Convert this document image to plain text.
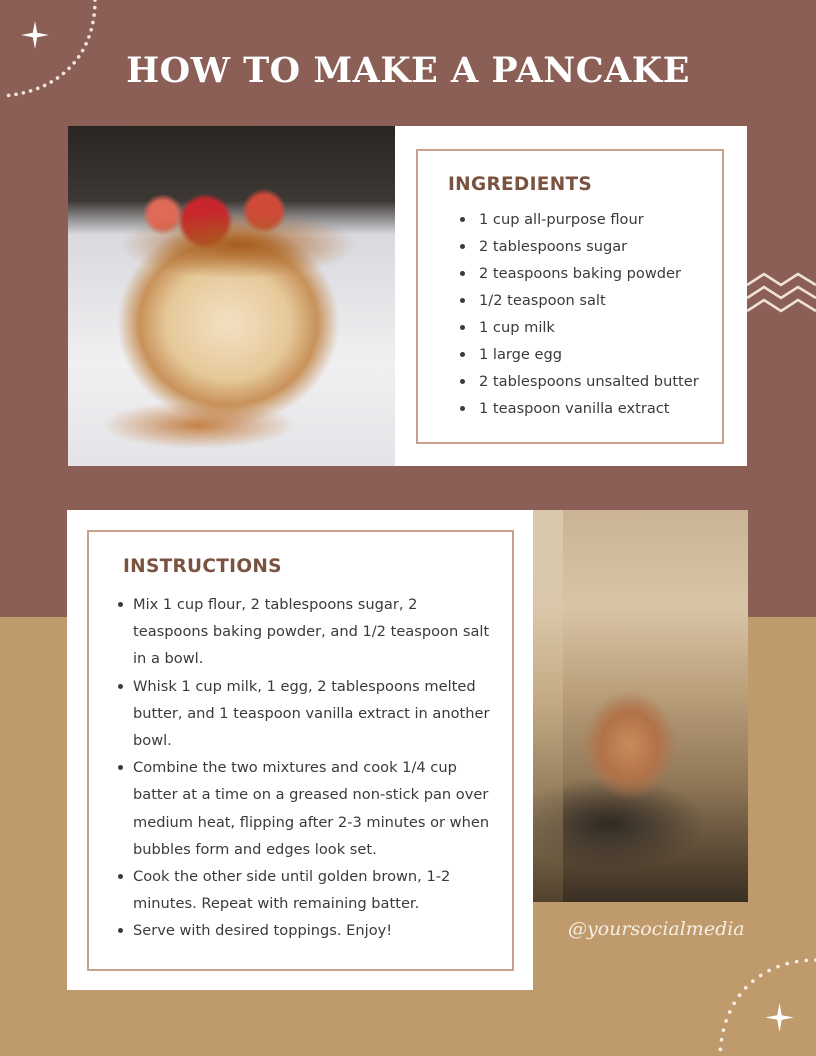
HOW TO MAKE A PANCAKE
INGREDIENTS
1 cup all-purpose flour
2 tablespoons sugar
2 teaspoons baking powder
1/2 teaspoon salt
1 cup milk
1 large egg
2 tablespoons unsalted butter
1 teaspoon vanilla extract
INSTRUCTIONS
Mix 1 cup flour, 2 tablespoons sugar, 2 teaspoons baking powder, and 1/2 teaspoon salt in a bowl.
Whisk 1 cup milk, 1 egg, 2 tablespoons melted butter, and 1 teaspoon vanilla extract in another bowl.
Combine the two mixtures and cook 1/4 cup batter at a time on a greased non-stick pan over medium heat, flipping after 2-3 minutes or when bubbles form and edges look set.
Cook the other side until golden brown, 1-2 minutes. Repeat with remaining batter.
Serve with desired toppings. Enjoy!	@yoursocialmedia
